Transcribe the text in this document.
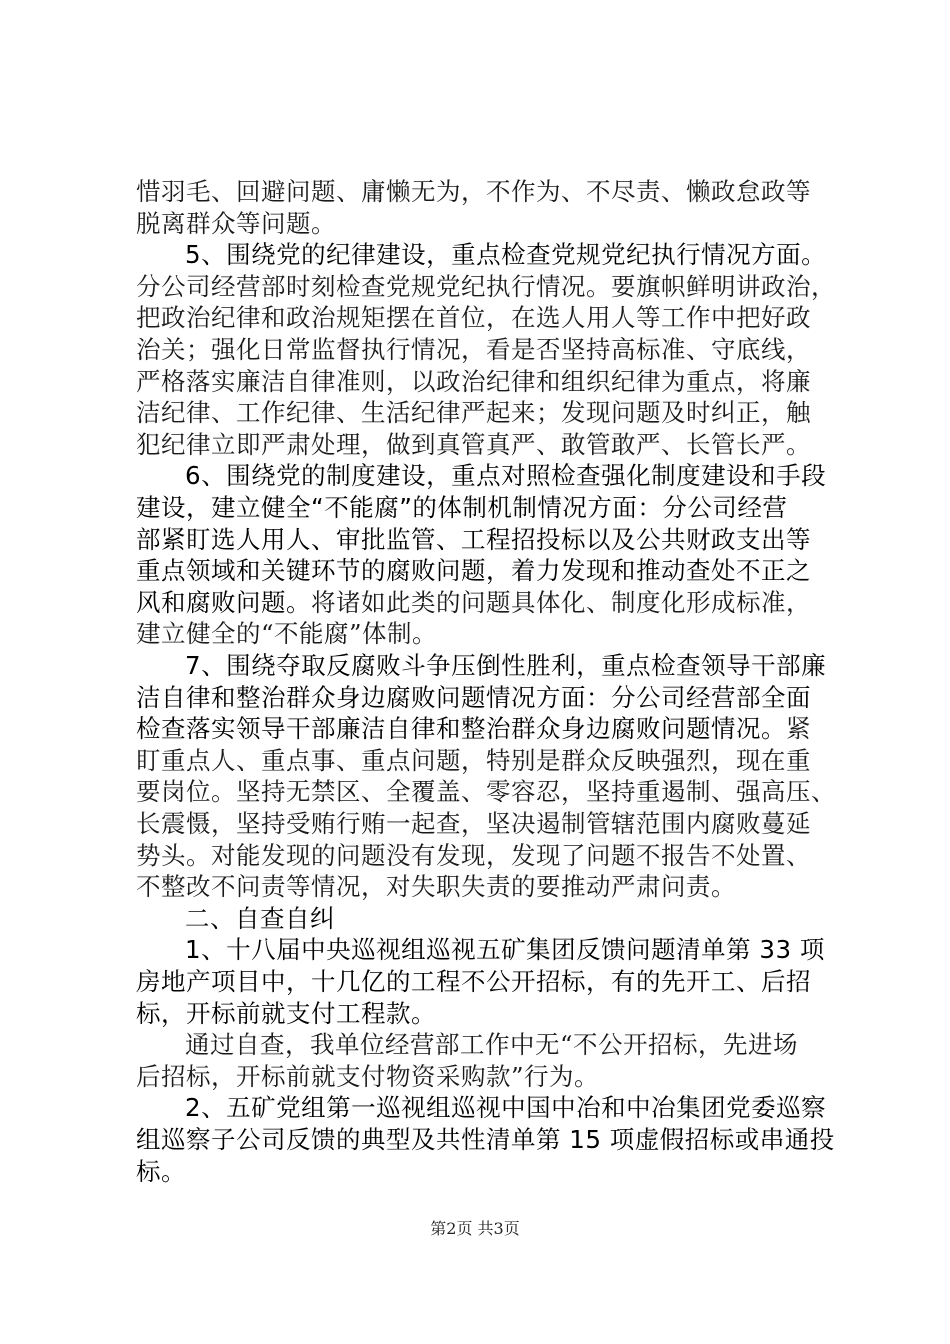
惜羽毛、回避问题、庸懒无为，不作为、不尽责、懒政怠政等
脱离群众等问题。
5、围绕党的纪律建设，重点检查党规党纪执行情况方面。
分公司经营部时刻检查党规党纪执行情况。要旗帜鲜明讲政治，
把政治纪律和政治规矩摆在首位，在选人用人等工作中把好政
治关；强化日常监督执行情况，看是否坚持高标准、守底线，
严格落实廉洁自律准则，以政治纪律和组织纪律为重点，将廉
洁纪律、工作纪律、生活纪律严起来；发现问题及时纠正，触
犯纪律立即严肃处理，做到真管真严、敢管敢严、长管长严。
6、围绕党的制度建设，重点对照检查强化制度建设和手段
建设，建立健全“不能腐”的体制机制情况方面：分公司经营
部紧盯选人用人、审批监管、工程招投标以及公共财政支出等
重点领域和关键环节的腐败问题，着力发现和推动查处不正之
风和腐败问题。将诸如此类的问题具体化、制度化形成标准，
建立健全的“不能腐”体制。
7、围绕夺取反腐败斗争压倒性胜利，重点检查领导干部廉
洁自律和整治群众身边腐败问题情况方面：分公司经营部全面
检查落实领导干部廉洁自律和整治群众身边腐败问题情况。紧
盯重点人、重点事、重点问题，特别是群众反映强烈，现在重
要岗位。坚持无禁区、全覆盖、零容忍，坚持重遏制、强高压、
长震慑，坚持受贿行贿一起查，坚决遏制管辖范围内腐败蔓延
势头。对能发现的问题没有发现，发现了问题不报告不处置、
不整改不问责等情况，对失职失责的要推动严肃问责。
二、自查自纠
1、十八届中央巡视组巡视五矿集团反馈问题清单第 33 项
房地产项目中，十几亿的工程不公开招标，有的先开工、后招
标，开标前就支付工程款。
通过自查，我单位经营部工作中无“不公开招标，先进场
后招标，开标前就支付物资采购款”行为。
2、五矿党组第一巡视组巡视中国中冶和中冶集团党委巡察
组巡察子公司反馈的典型及共性清单第 15 项虚假招标或串通投
标。
第2页 共3页
